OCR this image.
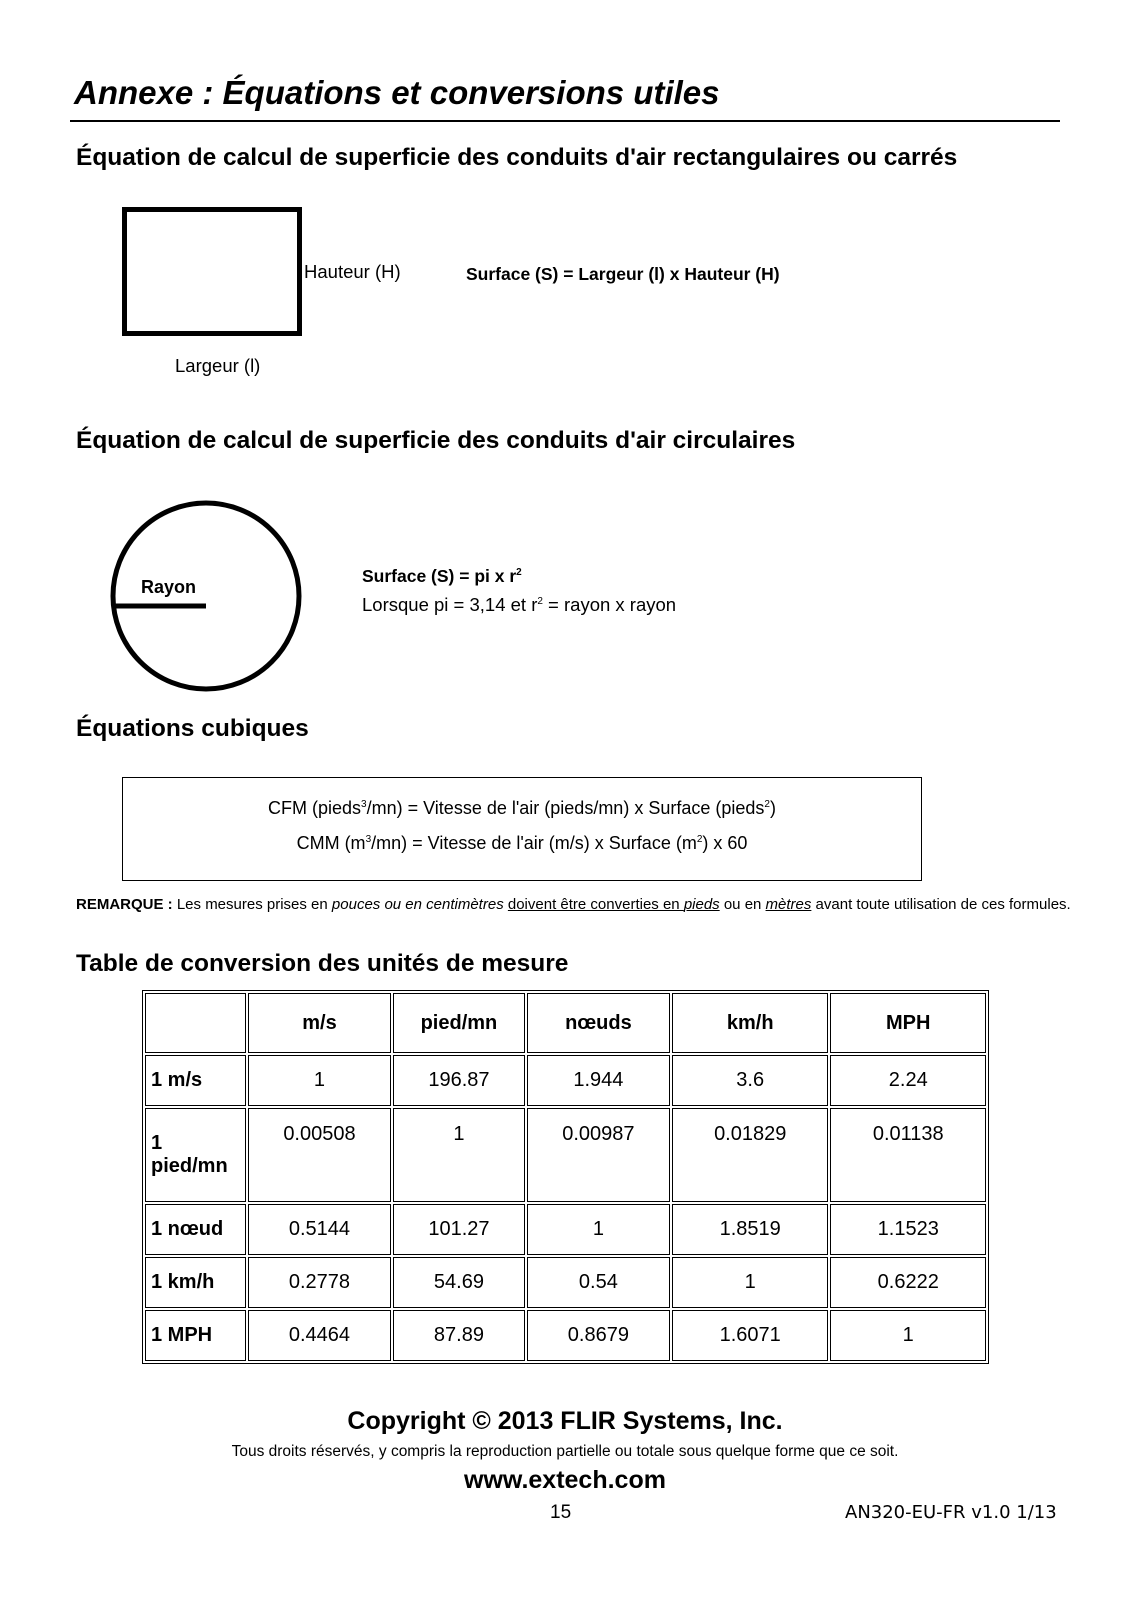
Annexe : Équations et conversions utiles
Équation de calcul de superficie des conduits d'air rectangulaires ou carrés
Hauteur (H)
Largeur (l)
Surface (S) = Largeur (l) x Hauteur (H)
Équation de calcul de superficie des conduits d'air circulaires
Rayon
Surface (S) = pi x $r^2$
Lorsque pi = 3,14 et $r^2$ = rayon x rayon
Équations cubiques
CFM (pieds$^3$/mn) = Vitesse de l'air (pieds/mn) x Surface (pieds$^2$)
CMM $(m^3/mn)$ = Vitesse de l'air (m/s) x Surface $(m^2)$ x 60
REMARQUE : Les mesures prises en pouces ou en centimètres doivent être converties en pieds ou en mètres avant toute utilisation de ces formules.
Table de conversion des unités de mesure
	m/s	pied/mn	nœuds	km/h	MPH
1 m/s	1	196.87	1.944	3.6	2.24
1 pied/mn	0.00508	1	0.00987	0.01829	0.01138
1 nœud	0.5144	101.27	1	1.8519	1.1523
1 km/h	0.2778	54.69	0.54	1	0.6222
1 MPH	0.4464	87.89	0.8679	1.6071	1
Copyright © 2013 FLIR Systems, Inc.
Tous droits réservés, y compris la reproduction partielle ou totale sous quelque forme que ce soit.
www.extech.com
15	AN320-EU-FR v1.0 1/13
